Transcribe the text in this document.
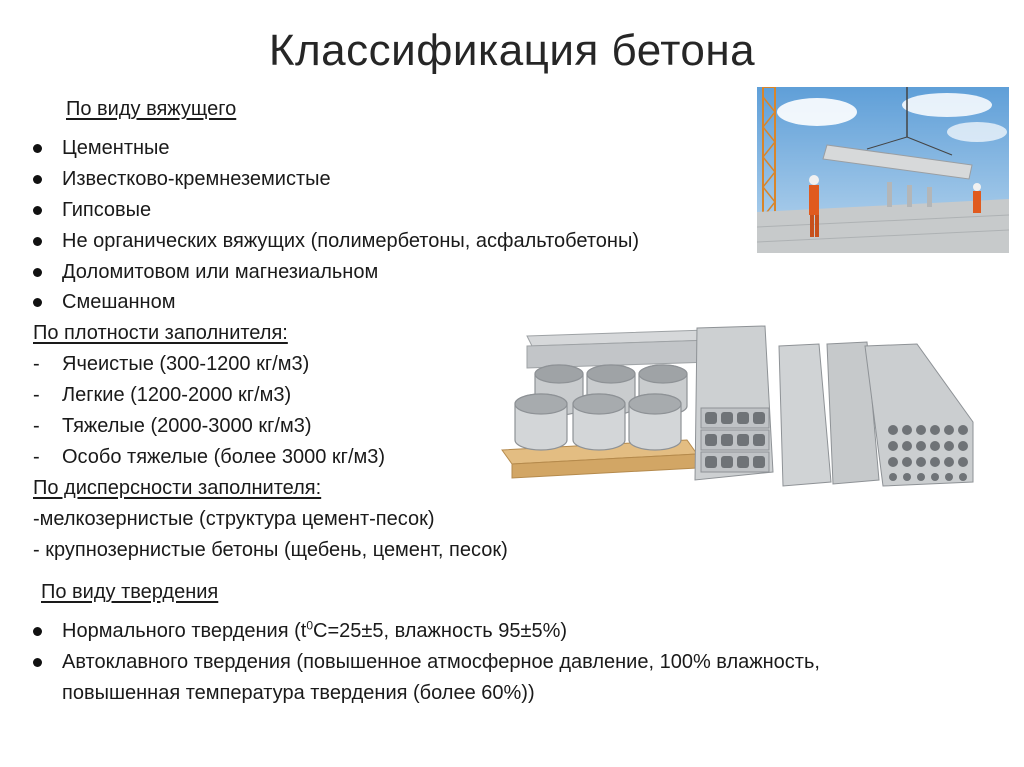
Классификация бетона
По виду вяжущего
Цементные
Известково-кремнеземистые
Гипсовые
Не органических вяжущих (полимербетоны, асфальтобетоны)
Доломитовом или магнезиальном
Смешанном
По плотности заполнителя:
- Ячеистые (300-1200 кг/м3)
- Легкие (1200-2000 кг/м3)
- Тяжелые (2000-3000 кг/м3)
- Особо тяжелые (более 3000 кг/м3)
По дисперсности заполнителя:
-мелкозернистые (структура цемент-песок)
- крупнозернистые бетоны (щебень, цемент, песок)
По виду твердения
Нормального твердения ($t^0C=25\pm 5$, влажность 95±5%)
Автоклавного твердения (повышенное атмосферное давление, 100% влажность,
повышенная температура твердения (более 60%))
